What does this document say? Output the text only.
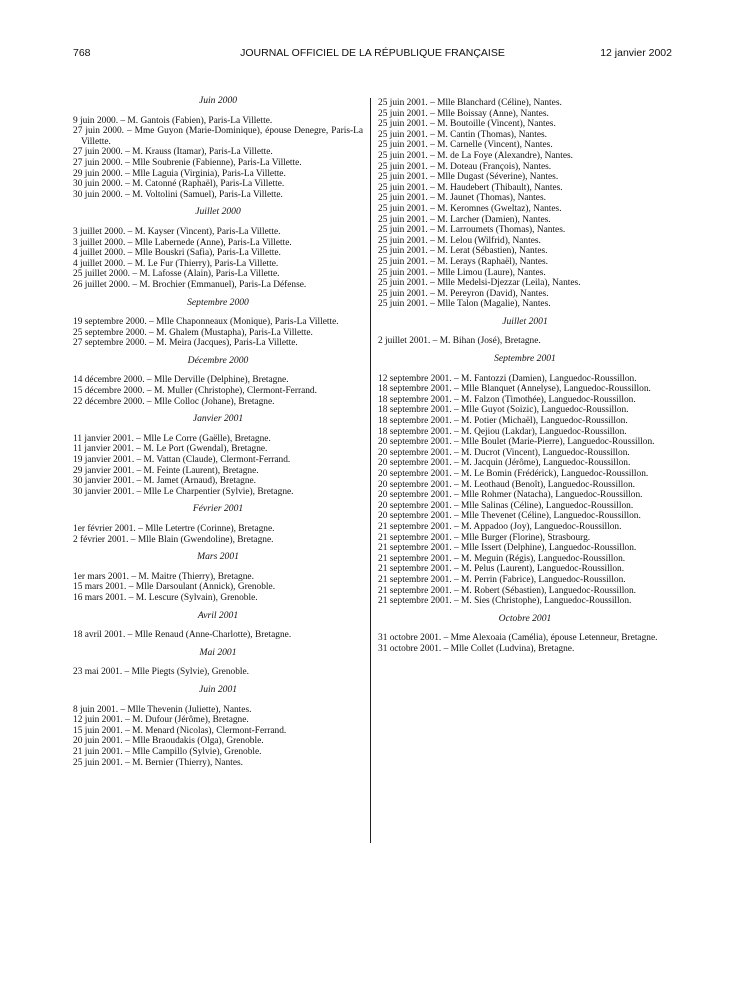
768	JOURNAL OFFICIEL DE LA RÉPUBLIQUE FRANÇAISE	12 janvier 2002
Juin 2000

9 juin 2000. – M. Gantois (Fabien), Paris-La Villette.

27 juin 2000. – Mme Guyon (Marie-Dominique), épouse Denegre, Paris-La Villette.

27 juin 2000. – M. Krauss (Itamar), Paris-La Villette.

27 juin 2000. – Mlle Soubrenie (Fabienne), Paris-La Villette.

29 juin 2000. – Mlle Laguia (Virginia), Paris-La Villette.

30 juin 2000. – M. Catonné (Raphaël), Paris-La Villette.

30 juin 2000. – M. Voltolini (Samuel), Paris-La Villette.

Juillet 2000

3 juillet 2000. – M. Kayser (Vincent), Paris-La Villette.

3 juillet 2000. – Mlle Labernede (Anne), Paris-La Villette.

4 juillet 2000. – Mlle Bouskri (Safia), Paris-La Villette.

4 juillet 2000. – M. Le Fur (Thierry), Paris-La Villette.

25 juillet 2000. – M. Lafosse (Alain), Paris-La Villette.

26 juillet 2000. – M. Brochier (Emmanuel), Paris-La Défense.

Septembre 2000

19 septembre 2000. – Mlle Chaponneaux (Monique), Paris-La Villette.

25 septembre 2000. – M. Ghalem (Mustapha), Paris-La Villette.

27 septembre 2000. – M. Meira (Jacques), Paris-La Villette.

Décembre 2000

14 décembre 2000. – Mlle Derville (Delphine), Bretagne.

15 décembre 2000. – M. Muller (Christophe), Clermont-Ferrand.

22 décembre 2000. – Mlle Colloc (Johane), Bretagne.

Janvier 2001

11 janvier 2001. – Mlle Le Corre (Gaëlle), Bretagne.

11 janvier 2001. – M. Le Port (Gwendal), Bretagne.

19 janvier 2001. – M. Vattan (Claude), Clermont-Ferrand.

29 janvier 2001. – M. Feinte (Laurent), Bretagne.

30 janvier 2001. – M. Jamet (Arnaud), Bretagne.

30 janvier 2001. – Mlle Le Charpentier (Sylvie), Bretagne.

Février 2001

1er février 2001. – Mlle Letertre (Corinne), Bretagne.

2 février 2001. – Mlle Blain (Gwendoline), Bretagne.

Mars 2001

1er mars 2001. – M. Maitre (Thierry), Bretagne.

15 mars 2001. – Mlle Darsoulant (Annick), Grenoble.

16 mars 2001. – M. Lescure (Sylvain), Grenoble.

Avril 2001

18 avril 2001. – Mlle Renaud (Anne-Charlotte), Bretagne.

Mai 2001

23 mai 2001. – Mlle Piegts (Sylvie), Grenoble.

Juin 2001

8 juin 2001. – Mlle Thevenin (Juliette), Nantes.

12 juin 2001. – M. Dufour (Jérôme), Bretagne.

15 juin 2001. – M. Menard (Nicolas), Clermont-Ferrand.

20 juin 2001. – Mlle Braoudakis (Olga), Grenoble.

21 juin 2001. – Mlle Campillo (Sylvie), Grenoble.

25 juin 2001. – M. Bernier (Thierry), Nantes.

25 juin 2001. – Mlle Blanchard (Céline), Nantes.

25 juin 2001. – Mlle Boissay (Anne), Nantes.

25 juin 2001. – M. Boutoille (Vincent), Nantes.

25 juin 2001. – M. Cantin (Thomas), Nantes.

25 juin 2001. – M. Carnelle (Vincent), Nantes.

25 juin 2001. – M. de La Foye (Alexandre), Nantes.

25 juin 2001. – M. Doteau (François), Nantes.

25 juin 2001. – Mlle Dugast (Séverine), Nantes.

25 juin 2001. – M. Haudebert (Thibault), Nantes.

25 juin 2001. – M. Jaunet (Thomas), Nantes.

25 juin 2001. – M. Keromnes (Gweltaz), Nantes.

25 juin 2001. – M. Larcher (Damien), Nantes.

25 juin 2001. – M. Larroumets (Thomas), Nantes.

25 juin 2001. – M. Lelou (Wilfrid), Nantes.

25 juin 2001. – M. Lerat (Sébastien), Nantes.

25 juin 2001. – M. Lerays (Raphaël), Nantes.

25 juin 2001. – Mlle Limou (Laure), Nantes.

25 juin 2001. – Mlle Medelsi-Djezzar (Leila), Nantes.

25 juin 2001. – M. Pereyron (David), Nantes.

25 juin 2001. – Mlle Talon (Magalie), Nantes.

Juillet 2001

2 juillet 2001. – M. Bihan (José), Bretagne.

Septembre 2001

12 septembre 2001. – M. Fantozzi (Damien), Languedoc-Roussillon.

18 septembre 2001. – Mlle Blanquet (Annelyse), Languedoc-Roussillon.

18 septembre 2001. – M. Falzon (Timothée), Languedoc-Roussillon.

18 septembre 2001. – Mlle Guyot (Soizic), Languedoc-Roussillon.

18 septembre 2001. – M. Potier (Michaël), Languedoc-Roussillon.

18 septembre 2001. – M. Qejiou (Lakdar), Languedoc-Roussillon.

20 septembre 2001. – Mlle Boulet (Marie-Pierre), Languedoc-Roussillon.

20 septembre 2001. – M. Ducrot (Vincent), Languedoc-Roussillon.

20 septembre 2001. – M. Jacquin (Jérôme), Languedoc-Roussillon.

20 septembre 2001. – M. Le Bomin (Frédérick), Languedoc-Roussillon.

20 septembre 2001. – M. Leothaud (Benoît), Languedoc-Roussillon.

20 septembre 2001. – Mlle Rohmer (Natacha), Languedoc-Roussillon.

20 septembre 2001. – Mlle Salinas (Céline), Languedoc-Roussillon.

20 septembre 2001. – Mlle Thevenet (Céline), Languedoc-Roussillon.

21 septembre 2001. – M. Appadoo (Joy), Languedoc-Roussillon.

21 septembre 2001. – Mlle Burger (Florine), Strasbourg.

21 septembre 2001. – Mlle Issert (Delphine), Languedoc-Roussillon.

21 septembre 2001. – M. Meguin (Régis), Languedoc-Roussillon.

21 septembre 2001. – M. Pelus (Laurent), Languedoc-Roussillon.

21 septembre 2001. – M. Perrin (Fabrice), Languedoc-Roussillon.

21 septembre 2001. – M. Robert (Sébastien), Languedoc-Roussillon.

21 septembre 2001. – M. Sies (Christophe), Languedoc-Roussillon.

Octobre 2001

31 octobre 2001. – Mme Alexoaia (Camélia), épouse Letenneur, Bretagne.

31 octobre 2001. – Mlle Collet (Ludvina), Bretagne.
